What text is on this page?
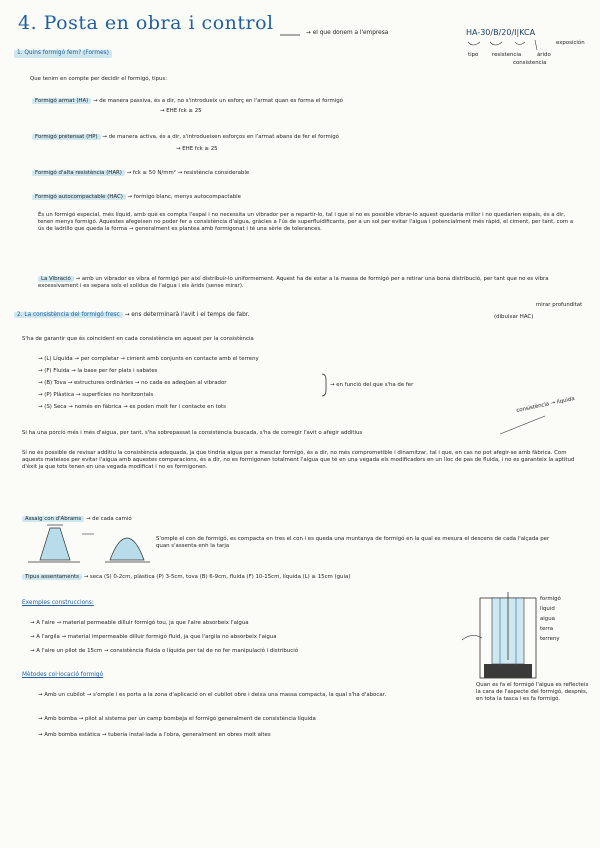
4. Posta en obra i control	→ el que donem a l'empresa	HA-30/B/20/I|KCA
tipo	resistencia
consistencia
árido
exposición
1. Quins formigó fem? (Formes)
Que tenim en compte per decidir el formigó, tipus:
Formigó armat (HA) → de manera passiva, és a dir, no s'introdueix un esforç en l'armat quan es forma el formigó
→ EHE fck ≥ 25
Formigó pretensat (HP) → de manera activa, és a dir, s'introdueixen esforços en l'armat abans de fer el formigó
→ EHE fck ≥ 25
Formigó d'alta resistència (HAR) → fck ≥ 50 N/mm² → resistència considerable
Formigó autocompactable (HAC) → formigó blanc, menys autocompactable
És un formigó especial, més líquid, amb què es compta l'espai i no necessita un vibrador per a repartir-lo, tal i que si no es possible vibrar-lo aquest quedaria millor i no quedarien espais, és a dir, tenen menys formigó. Aquestes afegeixen no poder fer a consistència d'aigua, gràcies a l'ús de superfluidificants, per a un sol per evitar l'aigua i potencialment més ràpid, el ciment, per tant, com a ús de ladrillo que queda la forma → generalment es plantea amb formigonat i té una sèrie de tolerances.
La Vibració → amb un vibrador es vibra el formigó per així distribuir-lo uniformement. Aquest ha de estar a la massa de formigó per a retirar una bona distribució, per tant que no es vibra excessivament i es separa sols el solidus de l'aigua i els àrids (sense mirar).
mirar profunditat
(dibuixar HAC)
2. La consistència del formigó fresc → ens determinarà l'avit i el temps de fabr.
S'ha de garantir que és coincident en cada consistència en aquest per la consistència
→ (L) Líquida → per completar → ciment amb conjunts en contacte amb el terreny
→ (F) Fluida → la base per fer plats i sabates
→ (B) Tova → estructures ordinàries → no cada es adeqüen al vibrador
→ (P) Plàstica → superfícies no horitzontals
→ (S) Seca → només en fàbrica → es poden molt fer i contacte en tots
→ en funció del que s'ha de fer
consistència → líquida
Si ha una porció més i més d'aigua, per tant, s'ha sobrepassat la consistència buscada, s'ha de corregir l'avit o afegir additius
Si no és possible de revisar additiu la consistència adequada, ja que tindria aigua per a mesclar formigó, és a dir, no més comprometible i dinamitzar, tal i que, en cas no pot afegir-se amb fàbrica. Com aquests mateixos per evitar l'aigua amb aquestes comparacions, és a dir, no es formigonen totalment l'aigua que té en una vegada els modificadors en un lloc de pas de fluida, i no es garanteix la aptitud d'èxit ja que tots tenen en una vegada modificat i no es formigonen.
Assaig con d'Abrams → de cada camió
S'omple el con de formigó, es compacta en tres el con i es queda una muntanya de formigó en la qual es mesura el descens de cada l'alçada per quan s'assenta enh la tarja
Tipus assentaments → seca (S) 0-2cm, plàstica (P) 3-5cm, tova (B) 6-9cm, fluida (F) 10-15cm, líquida (L) ≥ 15cm (guia)
Exemples construccions:
→ A l'aire → material permeable dilluir formigó tou, ja que l'aire absorbeix l'aigua
→ A l'argila → material impermeable dilluir formigó fluid, ja que l'argila no absorbeix l'aigua
→ A l'aire un pilot de 15cm → consistència fluida o líquida per tal de no fer manipulació i distribució
formigó
líquid
aigua
terra
terreny
Quan es fa el formigó l'aigua es reflecteix la cara de l'aspecte del formigó, després, en tota la tasca i es fa formigó.
Mètodes col·locació formigó
→ Amb un cubilot → s'omple i es porta a la zona d'aplicació on el cubilot obre i deixa una massa compacta, la qual s'ha d'abocar.
→ Amb bomba → pilot al sistema per un camp bombeja el formigó generalment de consistència líquida
→ Amb bomba estàtica → tuberia instal·lada a l'obra, generalment en obres molt altes
